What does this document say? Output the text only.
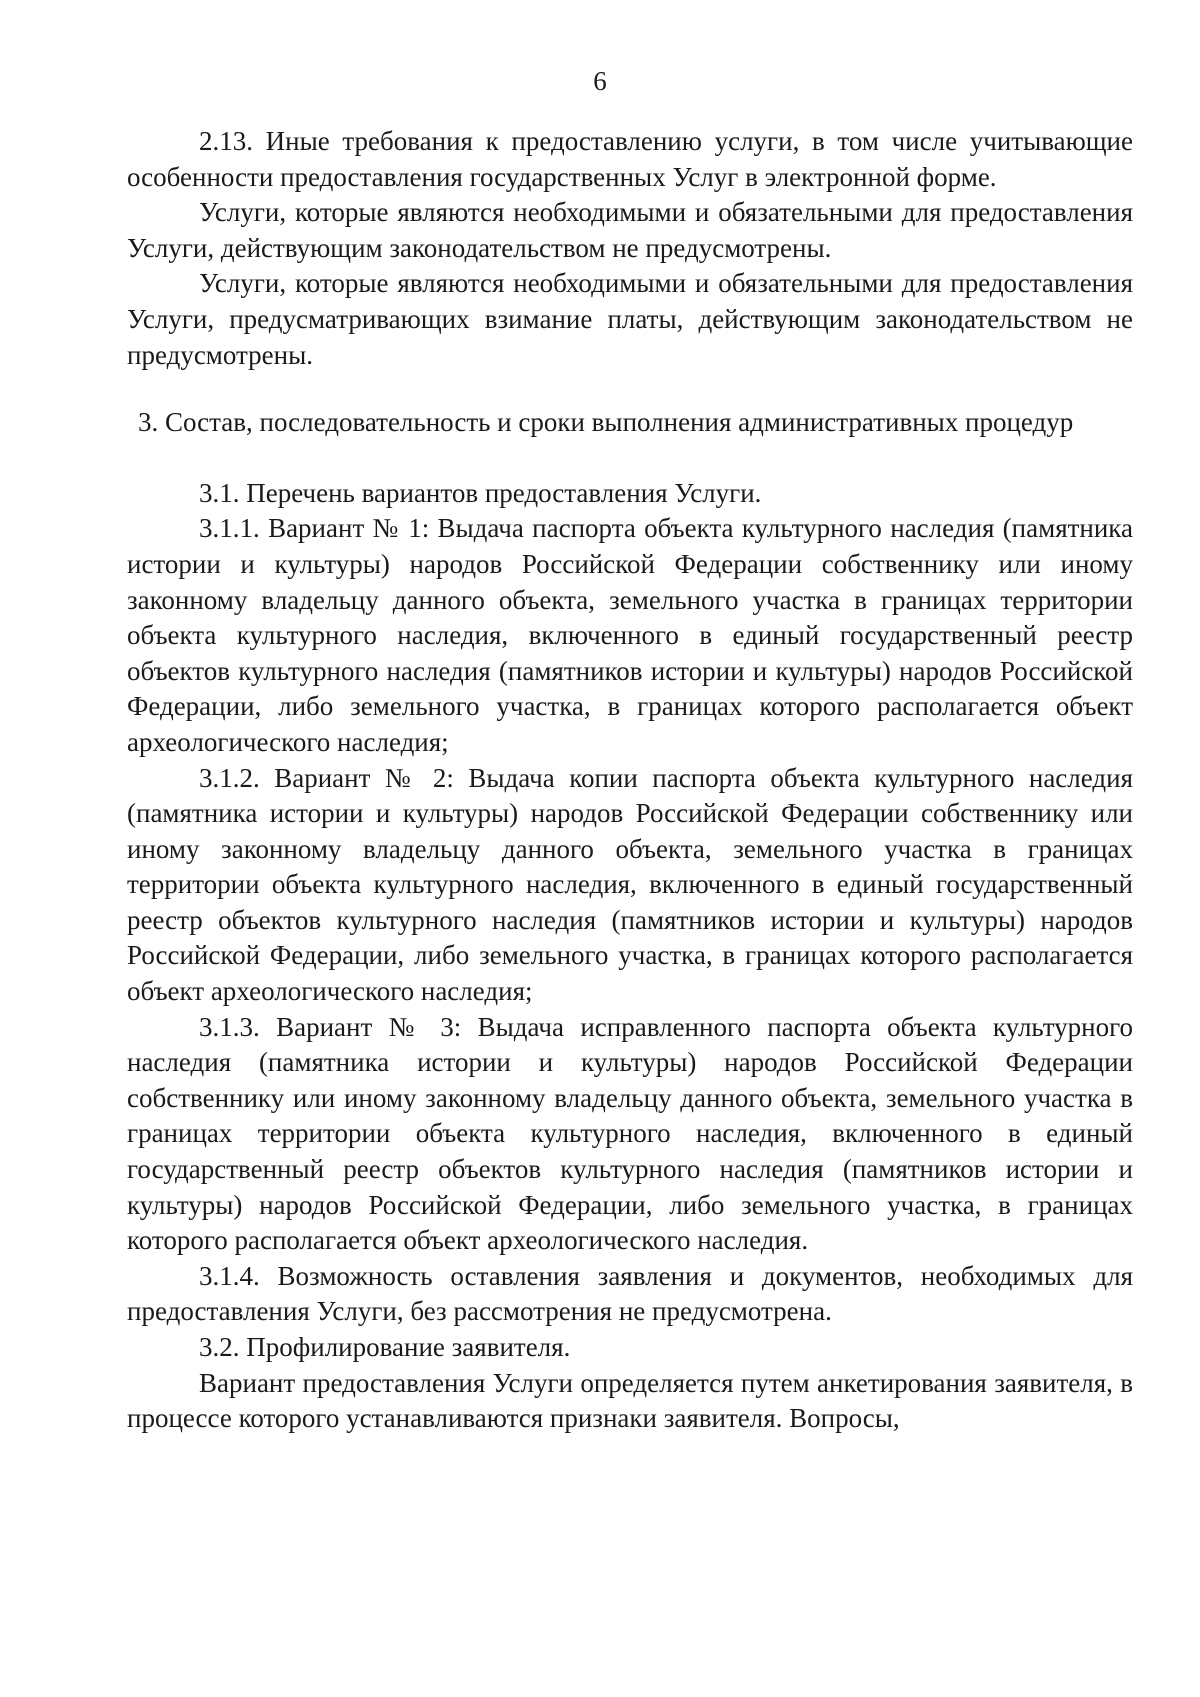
6

2.13. Иные требования к предоставлению услуги, в том числе учитывающие особенности предоставления государственных Услуг в электронной форме.

Услуги, которые являются необходимыми и обязательными для предоставления Услуги, действующим законодательством не предусмотрены.

Услуги, которые являются необходимыми и обязательными для предоставления Услуги, предусматривающих взимание платы, действующим законодательством не предусмотрены.

3. Состав, последовательность и сроки выполнения административных процедур

3.1. Перечень вариантов предоставления Услуги.

3.1.1. Вариант № 1: Выдача паспорта объекта культурного наследия (памятника истории и культуры) народов Российской Федерации собственнику или иному законному владельцу данного объекта, земельного участка в границах территории объекта культурного наследия, включенного в единый государственный реестр объектов культурного наследия (памятников истории и культуры) народов Российской Федерации, либо земельного участка, в границах которого располагается объект археологического наследия;

3.1.2. Вариант № 2: Выдача копии паспорта объекта культурного наследия (памятника истории и культуры) народов Российской Федерации собственнику или иному законному владельцу данного объекта, земельного участка в границах территории объекта культурного наследия, включенного в единый государственный реестр объектов культурного наследия (памятников истории и культуры) народов Российской Федерации, либо земельного участка, в границах которого располагается объект археологического наследия;

3.1.3. Вариант № 3: Выдача исправленного паспорта объекта культурного наследия (памятника истории и культуры) народов Российской Федерации собственнику или иному законному владельцу данного объекта, земельного участка в границах территории объекта культурного наследия, включенного в единый государственный реестр объектов культурного наследия (памятников истории и культуры) народов Российской Федерации, либо земельного участка, в границах которого располагается объект археологического наследия.

3.1.4. Возможность оставления заявления и документов, необходимых для предоставления Услуги, без рассмотрения не предусмотрена.

3.2. Профилирование заявителя.

Вариант предоставления Услуги определяется путем анкетирования заявителя, в процессе которого устанавливаются признаки заявителя. Вопросы,
